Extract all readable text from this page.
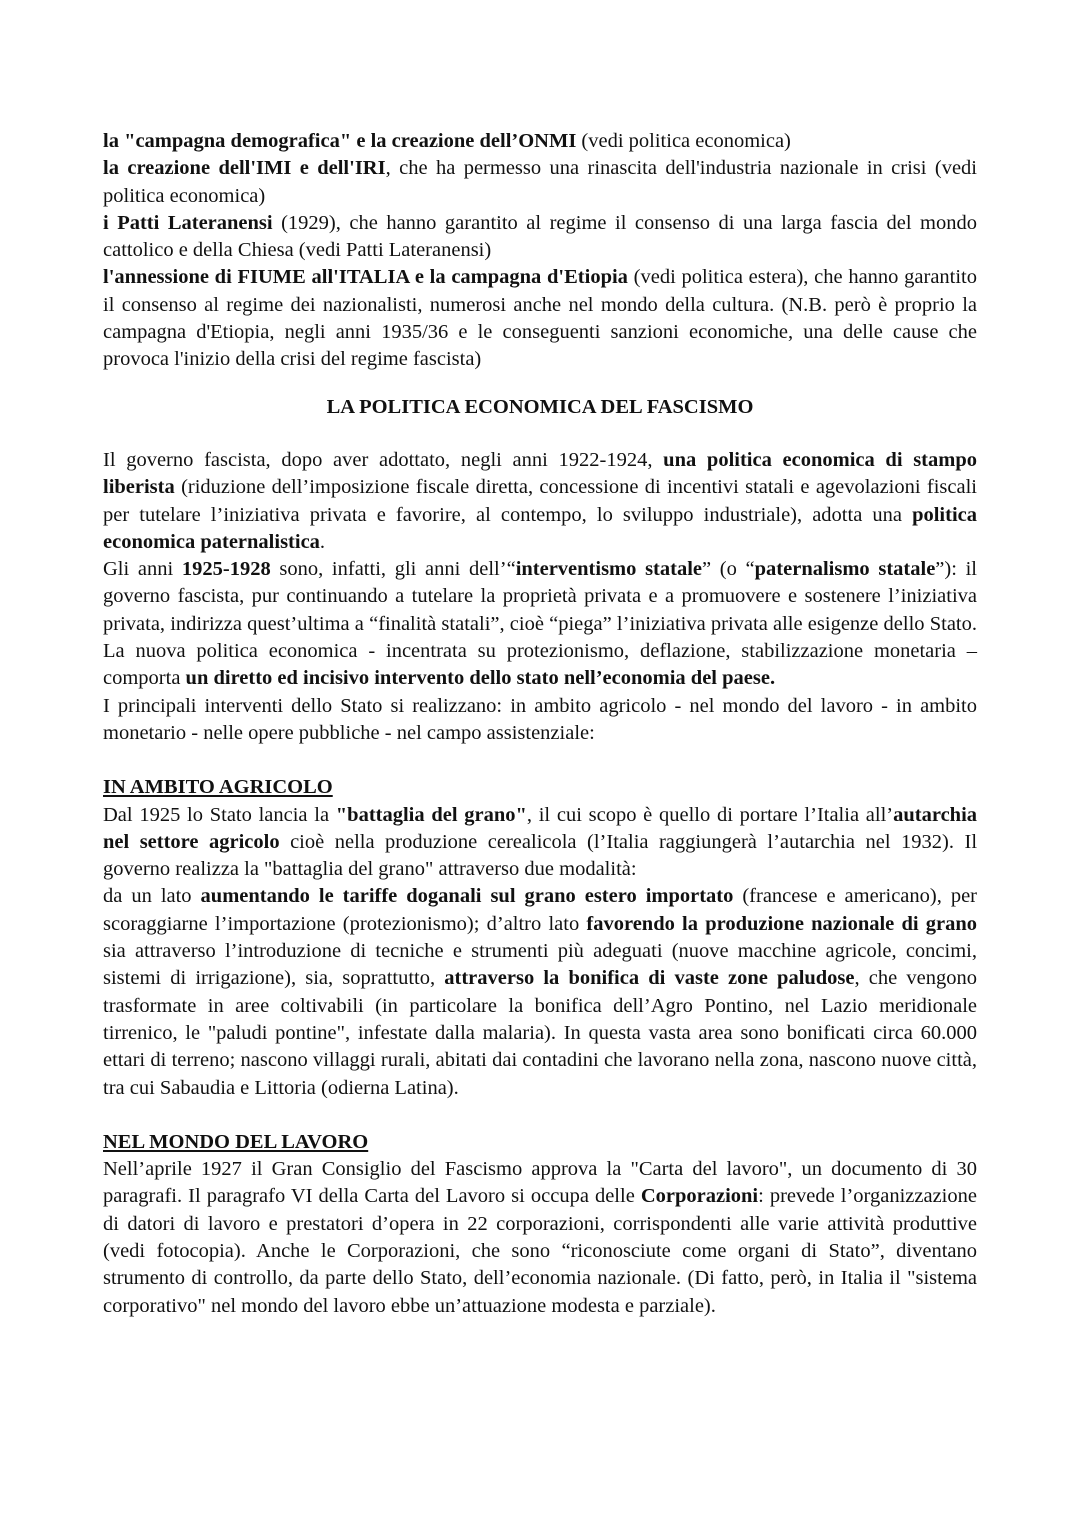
la "campagna demografica" e la creazione dell’ONMI (vedi politica economica)

la creazione dell'IMI e dell'IRI, che ha permesso una rinascita dell'industria nazionale in crisi (vedi politica economica)

i Patti Lateranensi (1929), che hanno garantito al regime il consenso di una larga fascia del mondo cattolico e della Chiesa (vedi Patti Lateranensi)

l'annessione di FIUME all'ITALIA e la campagna d'Etiopia (vedi politica estera), che hanno garantito il consenso al regime dei nazionalisti, numerosi anche nel mondo della cultura. (N.B. però è proprio la campagna d'Etiopia, negli anni 1935/36 e le conseguenti sanzioni economiche, una delle cause che provoca l'inizio della crisi del regime fascista)

LA POLITICA ECONOMICA DEL FASCISMO

Il governo fascista, dopo aver adottato, negli anni 1922-1924, una politica economica di stampo liberista (riduzione dell’imposizione fiscale diretta, concessione di incentivi statali e agevolazioni fiscali per tutelare l’iniziativa privata e favorire, al contempo, lo sviluppo industriale), adotta una politica economica paternalistica.

Gli anni 1925-1928 sono, infatti, gli anni dell’“interventismo statale” (o “paternalismo statale”): il governo fascista, pur continuando a tutelare la proprietà privata e a promuovere e sostenere l’iniziativa privata, indirizza quest’ultima a “finalità statali”, cioè “piega” l’iniziativa privata alle esigenze dello Stato. La nuova politica economica - incentrata su protezionismo, deflazione, stabilizzazione monetaria – comporta un diretto ed incisivo intervento dello stato nell’economia del paese.

I principali interventi dello Stato si realizzano: in ambito agricolo - nel mondo del lavoro - in ambito monetario - nelle opere pubbliche - nel campo assistenziale:

IN AMBITO AGRICOLO

Dal 1925 lo Stato lancia la "battaglia del grano", il cui scopo è quello di portare l’Italia all’autarchia nel settore agricolo cioè nella produzione cerealicola (l’Italia raggiungerà l’autarchia nel 1932). Il governo realizza la "battaglia del grano" attraverso due modalità:

da un lato aumentando le tariffe doganali sul grano estero importato (francese e americano), per scoraggiarne l’importazione (protezionismo); d’altro lato favorendo la produzione nazionale di grano sia attraverso l’introduzione di tecniche e strumenti più adeguati (nuove macchine agricole, concimi, sistemi di irrigazione), sia, soprattutto, attraverso la bonifica di vaste zone paludose, che vengono trasformate in aree coltivabili (in particolare la bonifica dell’Agro Pontino, nel Lazio meridionale tirrenico, le "paludi pontine", infestate dalla malaria). In questa vasta area sono bonificati circa 60.000 ettari di terreno; nascono villaggi rurali, abitati dai contadini che lavorano nella zona, nascono nuove città, tra cui Sabaudia e Littoria (odierna Latina).

NEL MONDO DEL LAVORO

Nell’aprile 1927 il Gran Consiglio del Fascismo approva la "Carta del lavoro", un documento di 30 paragrafi. Il paragrafo VI della Carta del Lavoro si occupa delle Corporazioni: prevede l’organizzazione di datori di lavoro e prestatori d’opera in 22 corporazioni, corrispondenti alle varie attività produttive (vedi fotocopia). Anche le Corporazioni, che sono “riconosciute come organi di Stato”, diventano strumento di controllo, da parte dello Stato, dell’economia nazionale. (Di fatto, però, in Italia il "sistema corporativo" nel mondo del lavoro ebbe un’attuazione modesta e parziale).
